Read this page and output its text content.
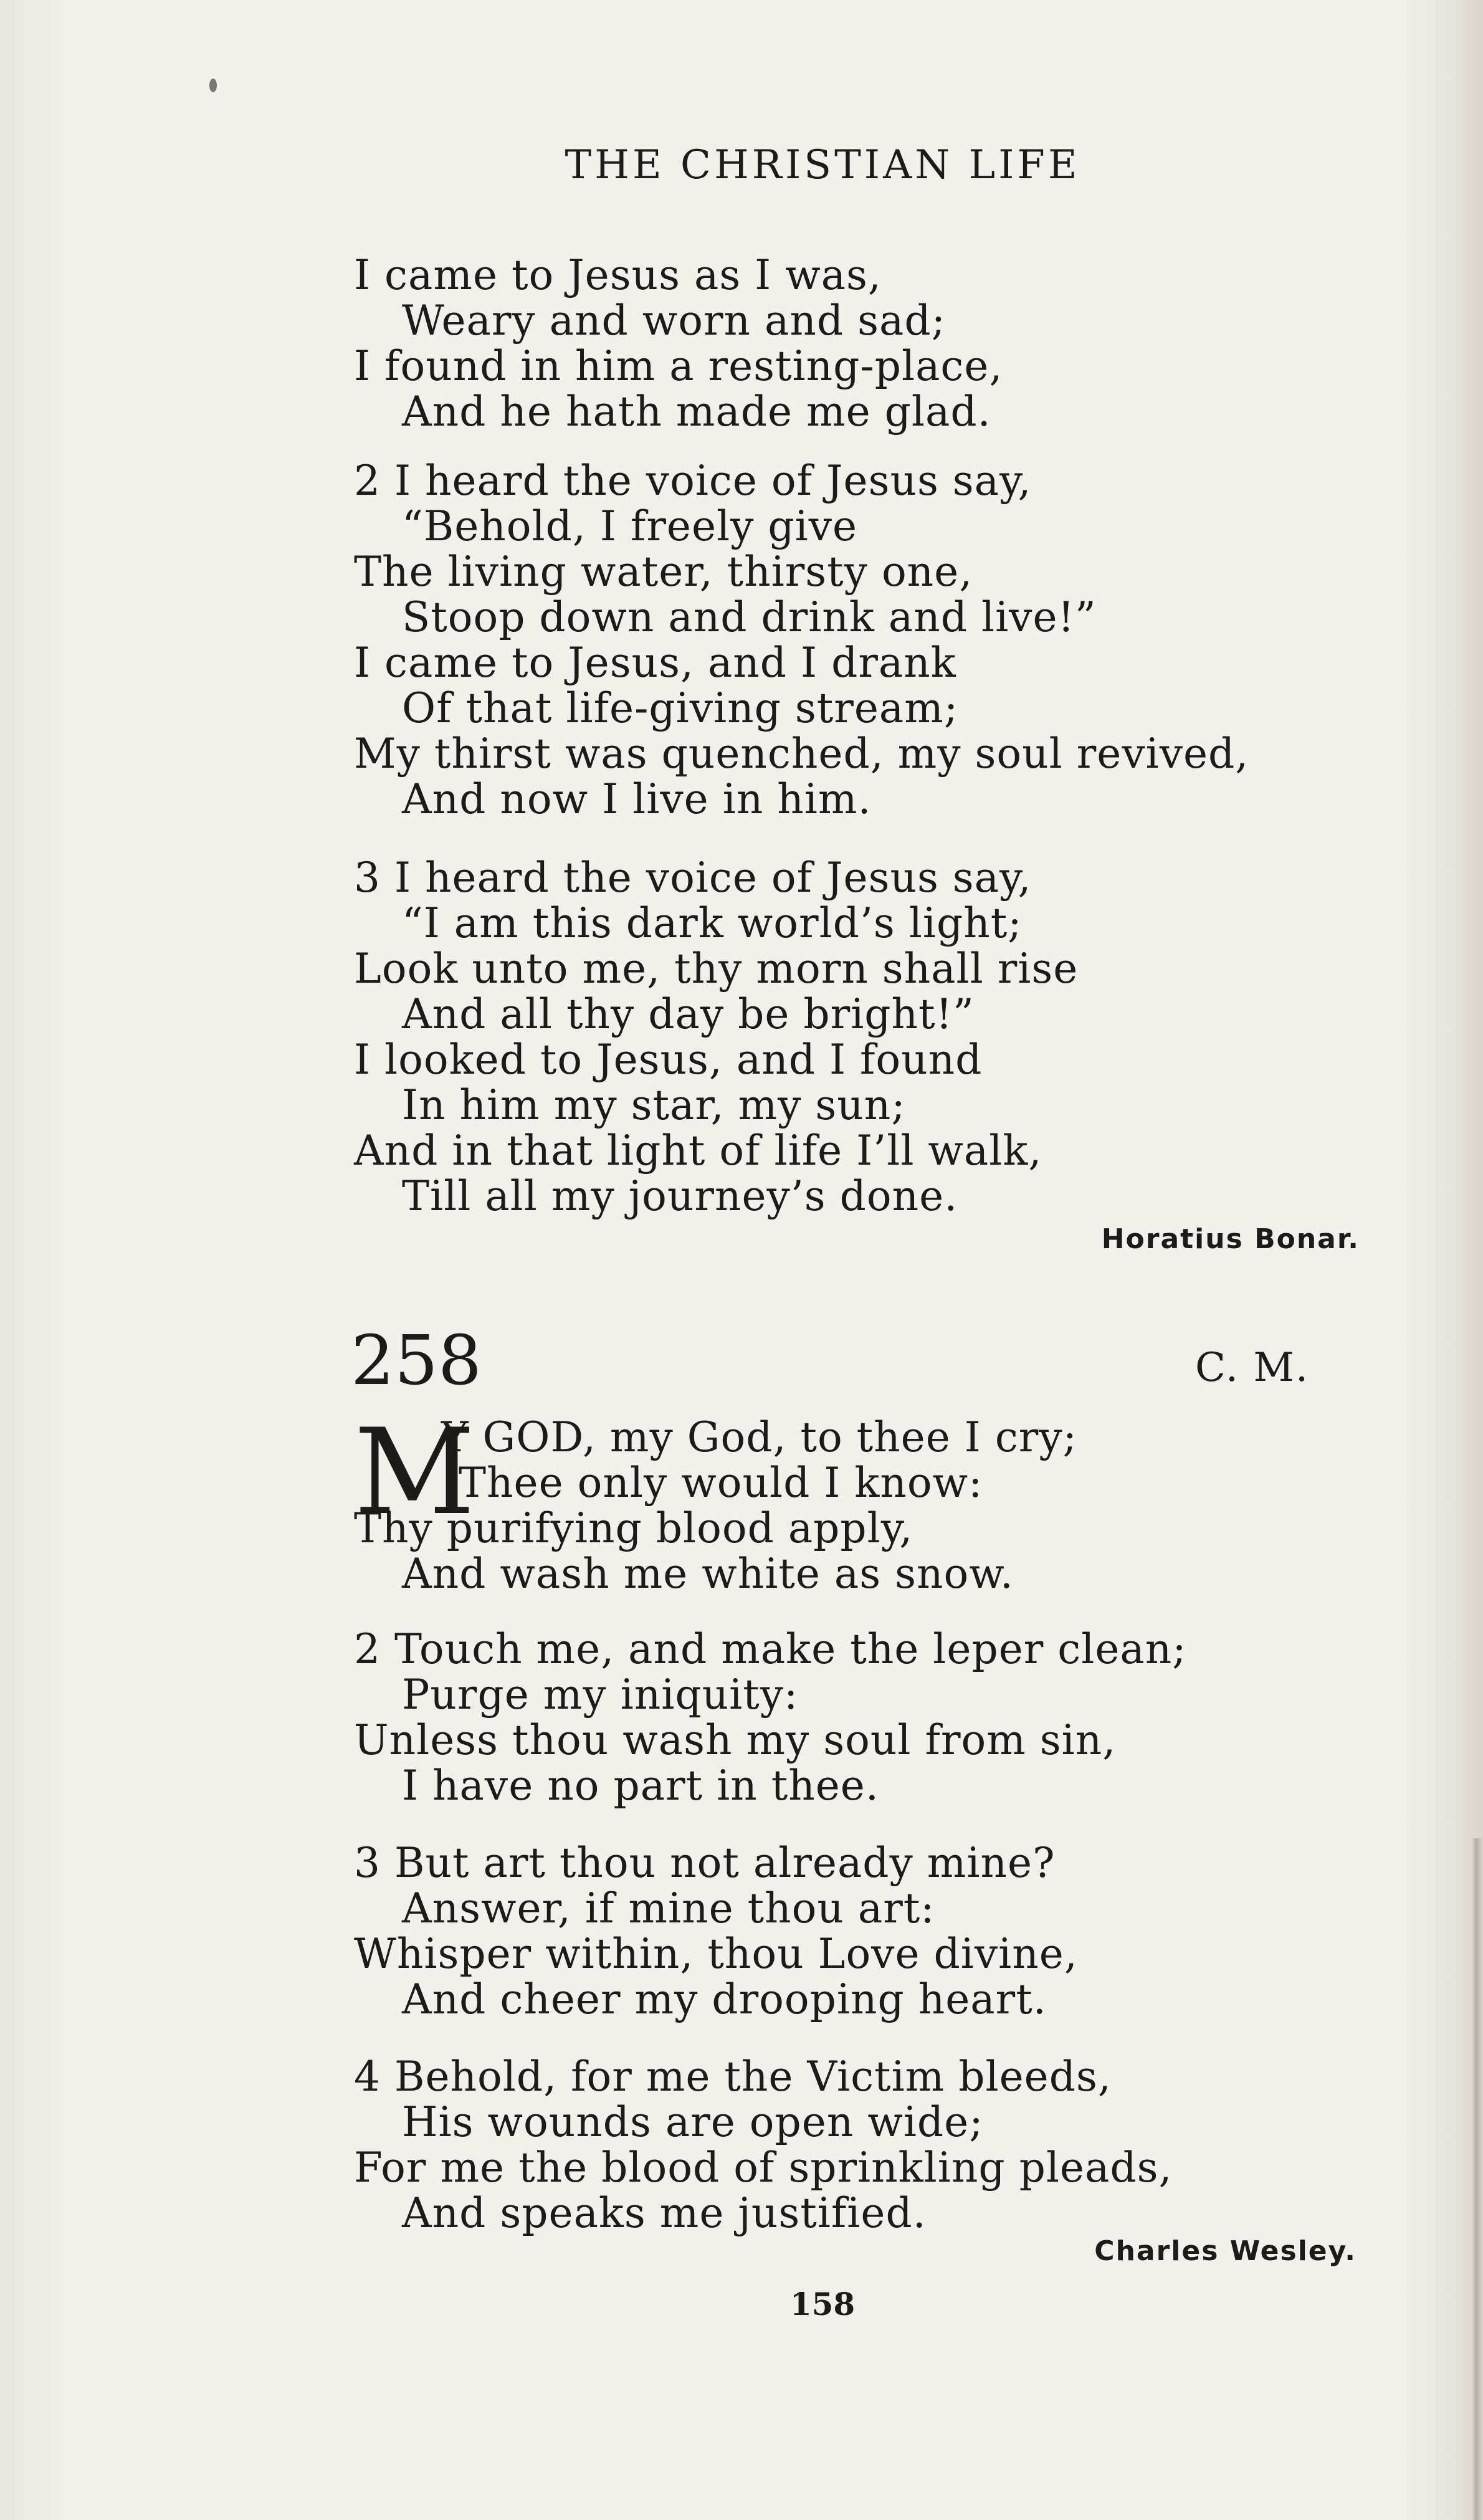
THE CHRISTIAN LIFE
I came to Jesus as I was,
Weary and worn and sad;
I found in him a resting-place,
And he hath made me glad.
2 I heard the voice of Jesus say,
“Behold, I freely give
The living water, thirsty one,
Stoop down and drink and live!”
I came to Jesus, and I drank
Of that life-giving stream;
My thirst was quenched, my soul revived,
And now I live in him.
3 I heard the voice of Jesus say,
“I am this dark world’s light;
Look unto me, thy morn shall rise
And all thy day be bright!”
I looked to Jesus, and I found
In him my star, my sun;
And in that light of life I’ll walk,
Till all my journey’s done.
Horatius Bonar.
258	C. M.
M
Y GOD, my God, to thee I cry;
Thee only would I know:
Thy purifying blood apply,
And wash me white as snow.
2 Touch me, and make the leper clean;
Purge my iniquity:
Unless thou wash my soul from sin,
I have no part in thee.
3 But art thou not already mine?
Answer, if mine thou art:
Whisper within, thou Love divine,
And cheer my drooping heart.
4 Behold, for me the Victim bleeds,
His wounds are open wide;
For me the blood of sprinkling pleads,
And speaks me justified.
Charles Wesley.
158
